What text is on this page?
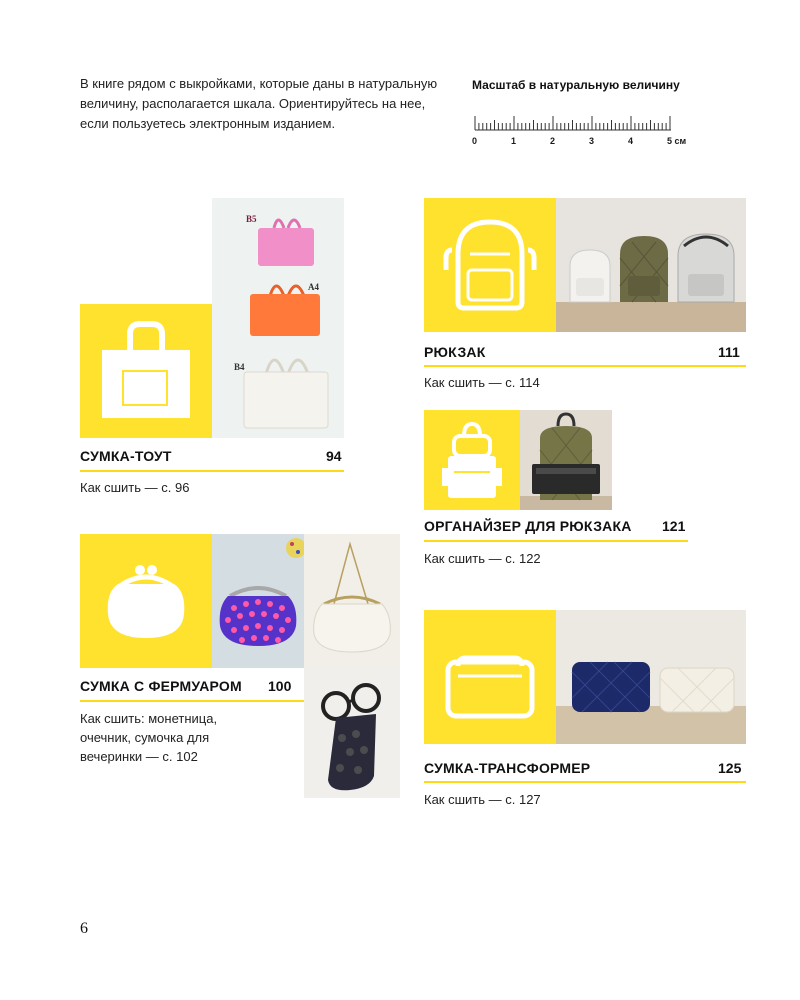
В книге рядом с выкройками, которые даны в натуральную
величину, располагается шкала. Ориентируйтесь на нее,
если пользуетесь электронным изданием.
Масштаб в натуральную величину
0	1	2	3	4	5 см
B5
A4
B4
СУМКА-ТОУТ	94
Как сшить — с. 96
РЮКЗАК	111
Как сшить — с. 114
ОРГАНАЙЗЕР ДЛЯ РЮКЗАКА 121
Как сшить — с. 122
СУМКА С ФЕРМУАРОМ 100
Как сшить: монетница,
очечник, сумочка для
вечеринки — с. 102
СУМКА-ТРАНСФОРМЕР	125
Как сшить — с. 127
6
